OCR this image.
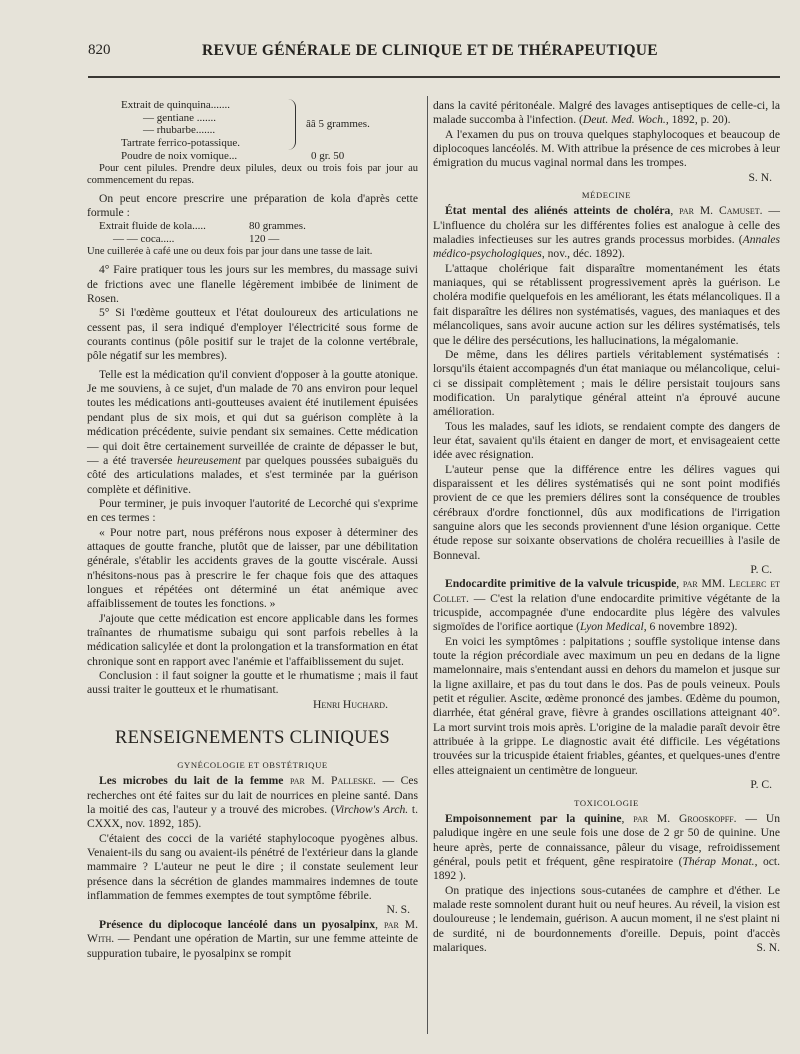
820	REVUE GÉNÉRALE DE CLINIQUE ET DE THÉRAPEUTIQUE
Extrait de quinquina.......
— gentiane .......
— rhubarbe.......
Tartrate ferrico-potassique.
ââ 5 grammes.
Poudre de noix vomique...	0 gr. 50

Pour cent pilules. Prendre deux pilules, deux ou trois fois par jour au commencement du repas.

On peut encore prescrire une préparation de kola d'après cette formule :

Extrait fluide de kola.....	80 grammes.
— — coca.....	120 —

Une cuillerée à café une ou deux fois par jour dans une tasse de lait.

4° Faire pratiquer tous les jours sur les membres, du massage suivi de frictions avec une flanelle légèrement imbibée de liniment de Rosen.

5° Si l'œdème goutteux et l'état douloureux des articulations ne cessent pas, il sera indiqué d'employer l'électricité sous forme de courants continus (pôle positif sur le trajet de la colonne vertébrale, pôle négatif sur les membres).

Telle est la médication qu'il convient d'opposer à la goutte atonique. Je me souviens, à ce sujet, d'un malade de 70 ans environ pour lequel toutes les médications anti-goutteuses avaient été inutilement épuisées pendant plus de six mois, et qui dut sa guérison complète à la médication précédente, suivie pendant six semaines. Cette médication — qui doit être certainement surveillée de crainte de dépasser le but, — a été traversée heureusement par quelques poussées subaiguës du côté des articulations malades, et s'est terminée par la guérison complète et définitive.

Pour terminer, je puis invoquer l'autorité de Lecorché qui s'exprime en ces termes :

« Pour notre part, nous préférons nous exposer à déterminer des attaques de goutte franche, plutôt que de laisser, par une débilitation générale, s'établir les accidents graves de la goutte viscérale. Aussi n'hésitons-nous pas à prescrire le fer chaque fois que des attaques longues et répétées ont déterminé un état anémique avec affaiblissement de toutes les fonctions. »

J'ajoute que cette médication est encore applicable dans les formes traînantes de rhumatisme subaigu qui sont parfois rebelles à la médication salicylée et dont la prolongation et la transformation en état chronique sont en rapport avec l'anémie et l'affaiblissement du sujet.

Conclusion : il faut soigner la goutte et le rhumatisme ; mais il faut aussi traiter le goutteux et le rhumatisant.

Henri Huchard.

RENSEIGNEMENTS CLINIQUES
GYNÉCOLOGIE ET OBSTÉTRIQUE

Les microbes du lait de la femme par M. Palleske. — Ces recherches ont été faites sur du lait de nourrices en pleine santé. Dans la moitié des cas, l'auteur y a trouvé des microbes. (Virchow's Arch. t. CXXX, nov. 1892, 185).

C'étaient des cocci de la variété staphylocoque pyogènes albus. Venaient-ils du sang ou avaient-ils pénétré de l'extérieur dans la glande mammaire ? L'auteur ne peut le dire ; il constate seulement leur présence dans la sécrétion de glandes mammaires indemnes de toute inflammation de femmes exemptes de tout symptôme fébrile.

N. S.

Présence du diplocoque lancéolé dans un pyosalpinx, par M. With. — Pendant une opération de Martin, sur une femme atteinte de suppuration tubaire, le pyosalpinx se rompit

dans la cavité péritonéale. Malgré des lavages antiseptiques de celle-ci, la malade succomba à l'infection. (Deut. Med. Woch., 1892, p. 20).

A l'examen du pus on trouva quelques staphylocoques et beaucoup de diplocoques lancéolés. M. With attribue la présence de ces microbes à leur émigration du mucus vaginal normal dans les trompes.

S. N.

MÉDECINE

État mental des aliénés atteints de choléra, par M. Camuset. — L'influence du choléra sur les différentes folies est analogue à celle des maladies infectieuses sur les autres grands processus morbides. (Annales médico-psychologiques, nov., déc. 1892).

L'attaque cholérique fait disparaître momentanément les états maniaques, qui se rétablissent progressivement après la guérison. Le choléra modifie quelquefois en les améliorant, les états mélancoliques. Il a fait disparaître les délires non systématisés, vagues, des maniaques et des mélancoliques, sans avoir aucune action sur les délires systématisés, tels que le délire des persécutions, les hallucinations, la mégalomanie.

De même, dans les délires partiels véritablement systématisés : lorsqu'ils étaient accompagnés d'un état maniaque ou mélancolique, celui-ci se dissipait complètement ; mais le délire persistait toujours sans modification. Un paralytique général atteint n'a éprouvé aucune amélioration.

Tous les malades, sauf les idiots, se rendaient compte des dangers de leur état, savaient qu'ils étaient en danger de mort, et envisageaient cette idée avec résignation.

L'auteur pense que la différence entre les délires vagues qui disparaissent et les délires systématisés qui ne sont point modifiés provient de ce que les premiers délires sont la conséquence de troubles cérébraux d'ordre fonctionnel, dûs aux modifications de l'irrigation sanguine alors que les seconds proviennent d'une lésion organique. Cette étude repose sur soixante observations de choléra recueillies à l'asile de Bonneval.

P. C.

Endocardite primitive de la valvule tricuspide, par MM. Leclerc et Collet. — C'est la relation d'une endocardite primitive végétante de la tricuspide, accompagnée d'une endocardite plus légère des valvules sigmoïdes de l'orifice aortique (Lyon Medical, 6 novembre 1892).

En voici les symptômes : palpitations ; souffle systolique intense dans toute la région précordiale avec maximum un peu en dedans de la ligne mamelonnaire, mais s'entendant aussi en dehors du mamelon et jusque sur la ligne axillaire, et pas du tout dans le dos. Pas de pouls veineux. Pouls petit et régulier. Ascite, œdème prononcé des jambes. Œdème du poumon, diarrhée, état général grave, fièvre à grandes oscillations atteignant 40°. La mort survint trois mois après. L'origine de la maladie paraît devoir être attribuée à la grippe. Le diagnostic avait été difficile. Les végétations trouvées sur la tricuspide étaient friables, géantes, et quelques-unes d'entre elles atteignaient un centimètre de longueur.

P. C.

TOXICOLOGIE

Empoisonnement par la quinine, par M. Grooskopff. — Un paludique ingère en une seule fois une dose de 2 gr 50 de quinine. Une heure après, perte de connaissance, pâleur du visage, refroidissement général, pouls petit et fréquent, gêne respiratoire (Thérap Monat., oct. 1892 ).

On pratique des injections sous-cutanées de camphre et d'éther. Le malade reste somnolent durant huit ou neuf heures. Au réveil, la vision est douloureuse ; le lendemain, guérison. A aucun moment, il ne s'est plaint ni de surdité, ni de bourdonnements d'oreille. Depuis, point d'accès malariques.	S. N.
